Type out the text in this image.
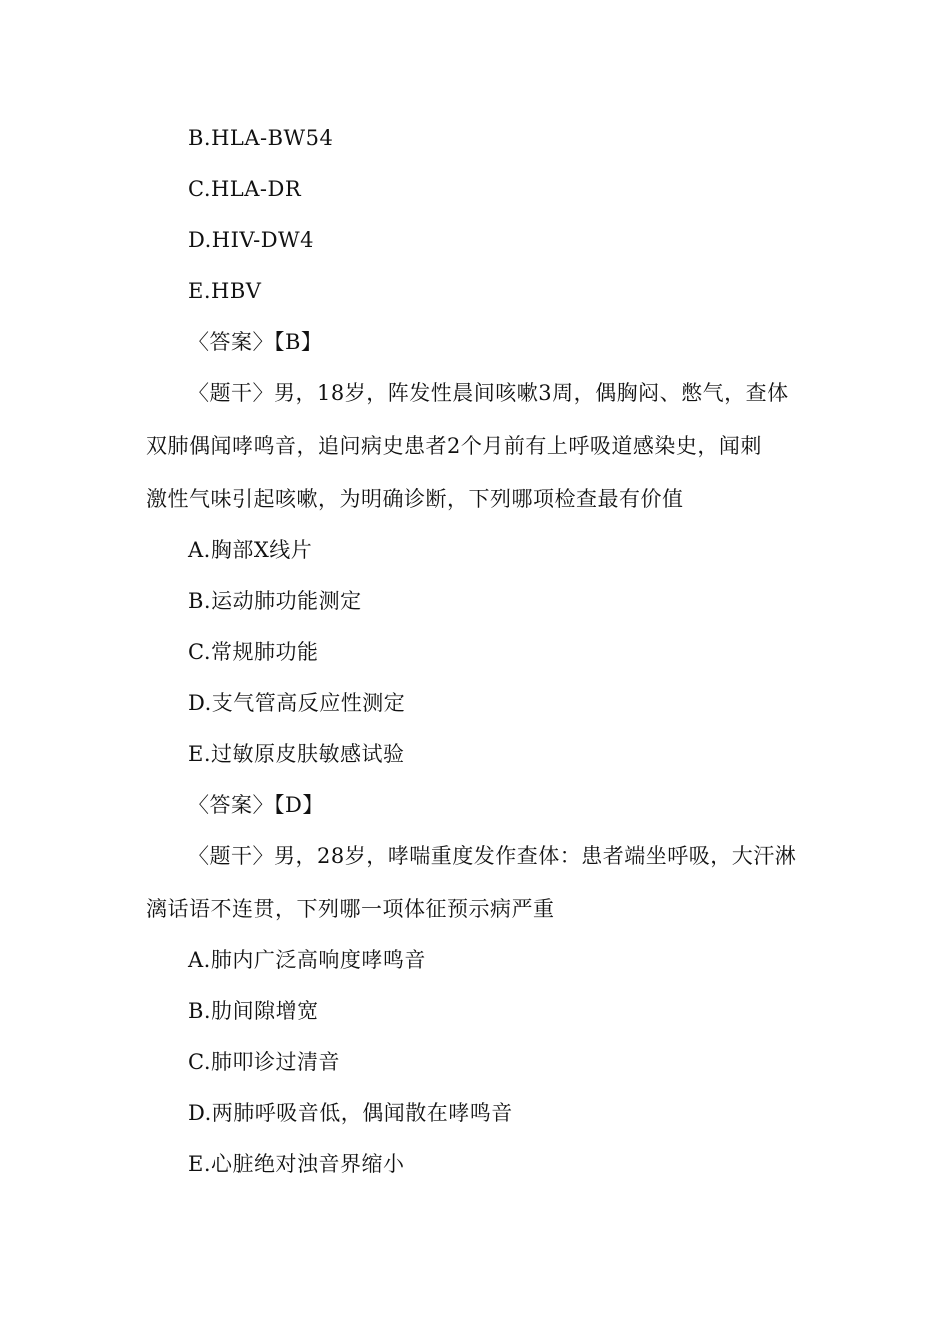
B.HLA-BW54
C.HLA-DR
D.HIV-DW4
E.HBV
〈答案〉【B】
〈题干〉男，18岁，阵发性晨间咳嗽3周，偶胸闷、憋气，查体
双肺偶闻哮鸣音，追问病史患者2个月前有上呼吸道感染史，闻刺
激性气味引起咳嗽，为明确诊断，下列哪项检查最有价值
A.胸部X线片
B.运动肺功能测定
C.常规肺功能
D.支气管高反应性测定
E.过敏原皮肤敏感试验
〈答案〉【D】
〈题干〉男，28岁，哮喘重度发作查体：患者端坐呼吸，大汗淋
漓话语不连贯，下列哪一项体征预示病严重
A.肺内广泛高响度哮鸣音
B.肋间隙增宽
C.肺叩诊过清音
D.两肺呼吸音低，偶闻散在哮鸣音
E.心脏绝对浊音界缩小
